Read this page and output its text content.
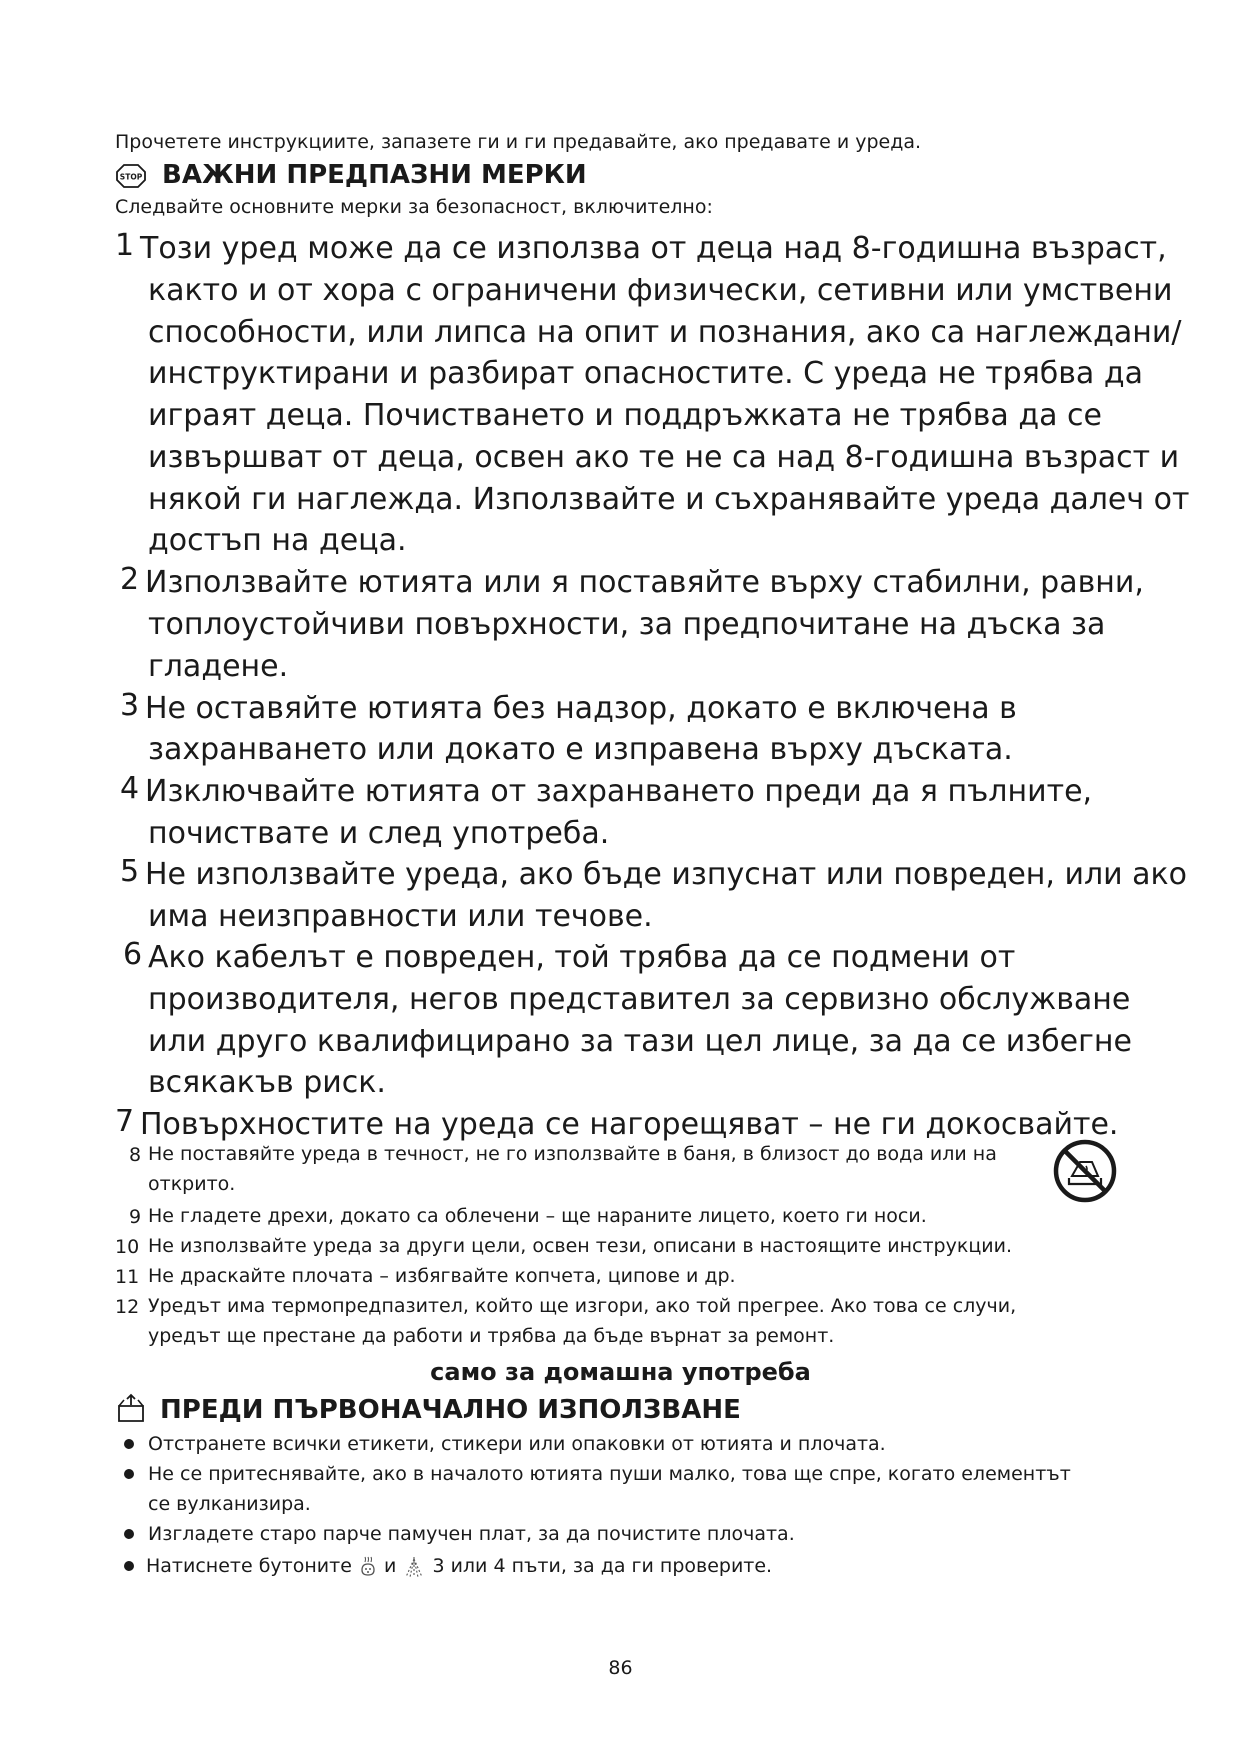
Прочетете инструкциите, запазете ги и ги предавайте, ако предавате и уреда.
STOP ВАЖНИ ПРЕДПАЗНИ МЕРКИ
Следвайте основните мерки за безопасност, включително:
1 Този уред може да се използва от деца над 8-годишна възраст,
както и от хора с ограничени физически, сетивни или умствени
способности, или липса на опит и познания, ако са наглеждани/
инструктирани и разбират опасностите. С уреда не трябва да
играят деца. Почистването и поддръжката не трябва да се
извършват от деца, освен ако те не са над 8-годишна възраст и
някой ги наглежда. Използвайте и съхранявайте уреда далеч от
достъп на деца.
2 Използвайте ютията или я поставяйте върху стабилни, равни,
топлоустойчиви повърхности, за предпочитане на дъска за
гладене.
3 Не оставяйте ютията без надзор, докато е включена в
захранването или докато е изправена върху дъската.
4 Изключвайте ютията от захранването преди да я пълните,
почиствате и след употреба.
5 Не използвайте уреда, ако бъде изпуснат или повреден, или ако
има неизправности или течове.
6 Ако кабелът е повреден, той трябва да се подмени от
производителя, негов представител за сервизно обслужване
или друго квалифицирано за тази цел лице, за да се избегне
всякакъв риск.
7 Повърхностите на уреда се нагорещяват – не ги докосвайте.
8 Не поставяйте уреда в течност, не го използвайте в баня, в близост до вода или на
открито.
9 Не гладете дрехи, докато са облечени – ще нараните лицето, което ги носи.
10 Не използвайте уреда за други цели, освен тези, описани в настоящите инструкции.
11 Не драскайте плочата – избягвайте копчета, ципове и др.
12 Уредът има термопредпазител, който ще изгори, ако той прегрее. Ако това се случи,
уредът ще престане да работи и трябва да бъде върнат за ремонт.
само за домашна употреба
ПРЕДИ ПЪРВОНАЧАЛНО ИЗПОЛЗВАНЕ
Отстранете всички етикети, стикери или опаковки от ютията и плочата.
Не се притеснявайте, ако в началото ютията пуши малко, това ще спре, когато елементът
се вулканизира.
Изгладете старо парче памучен плат, за да почистите плочата.
Натиснете бутоните и 3 или 4 пъти, за да ги проверите.
86
